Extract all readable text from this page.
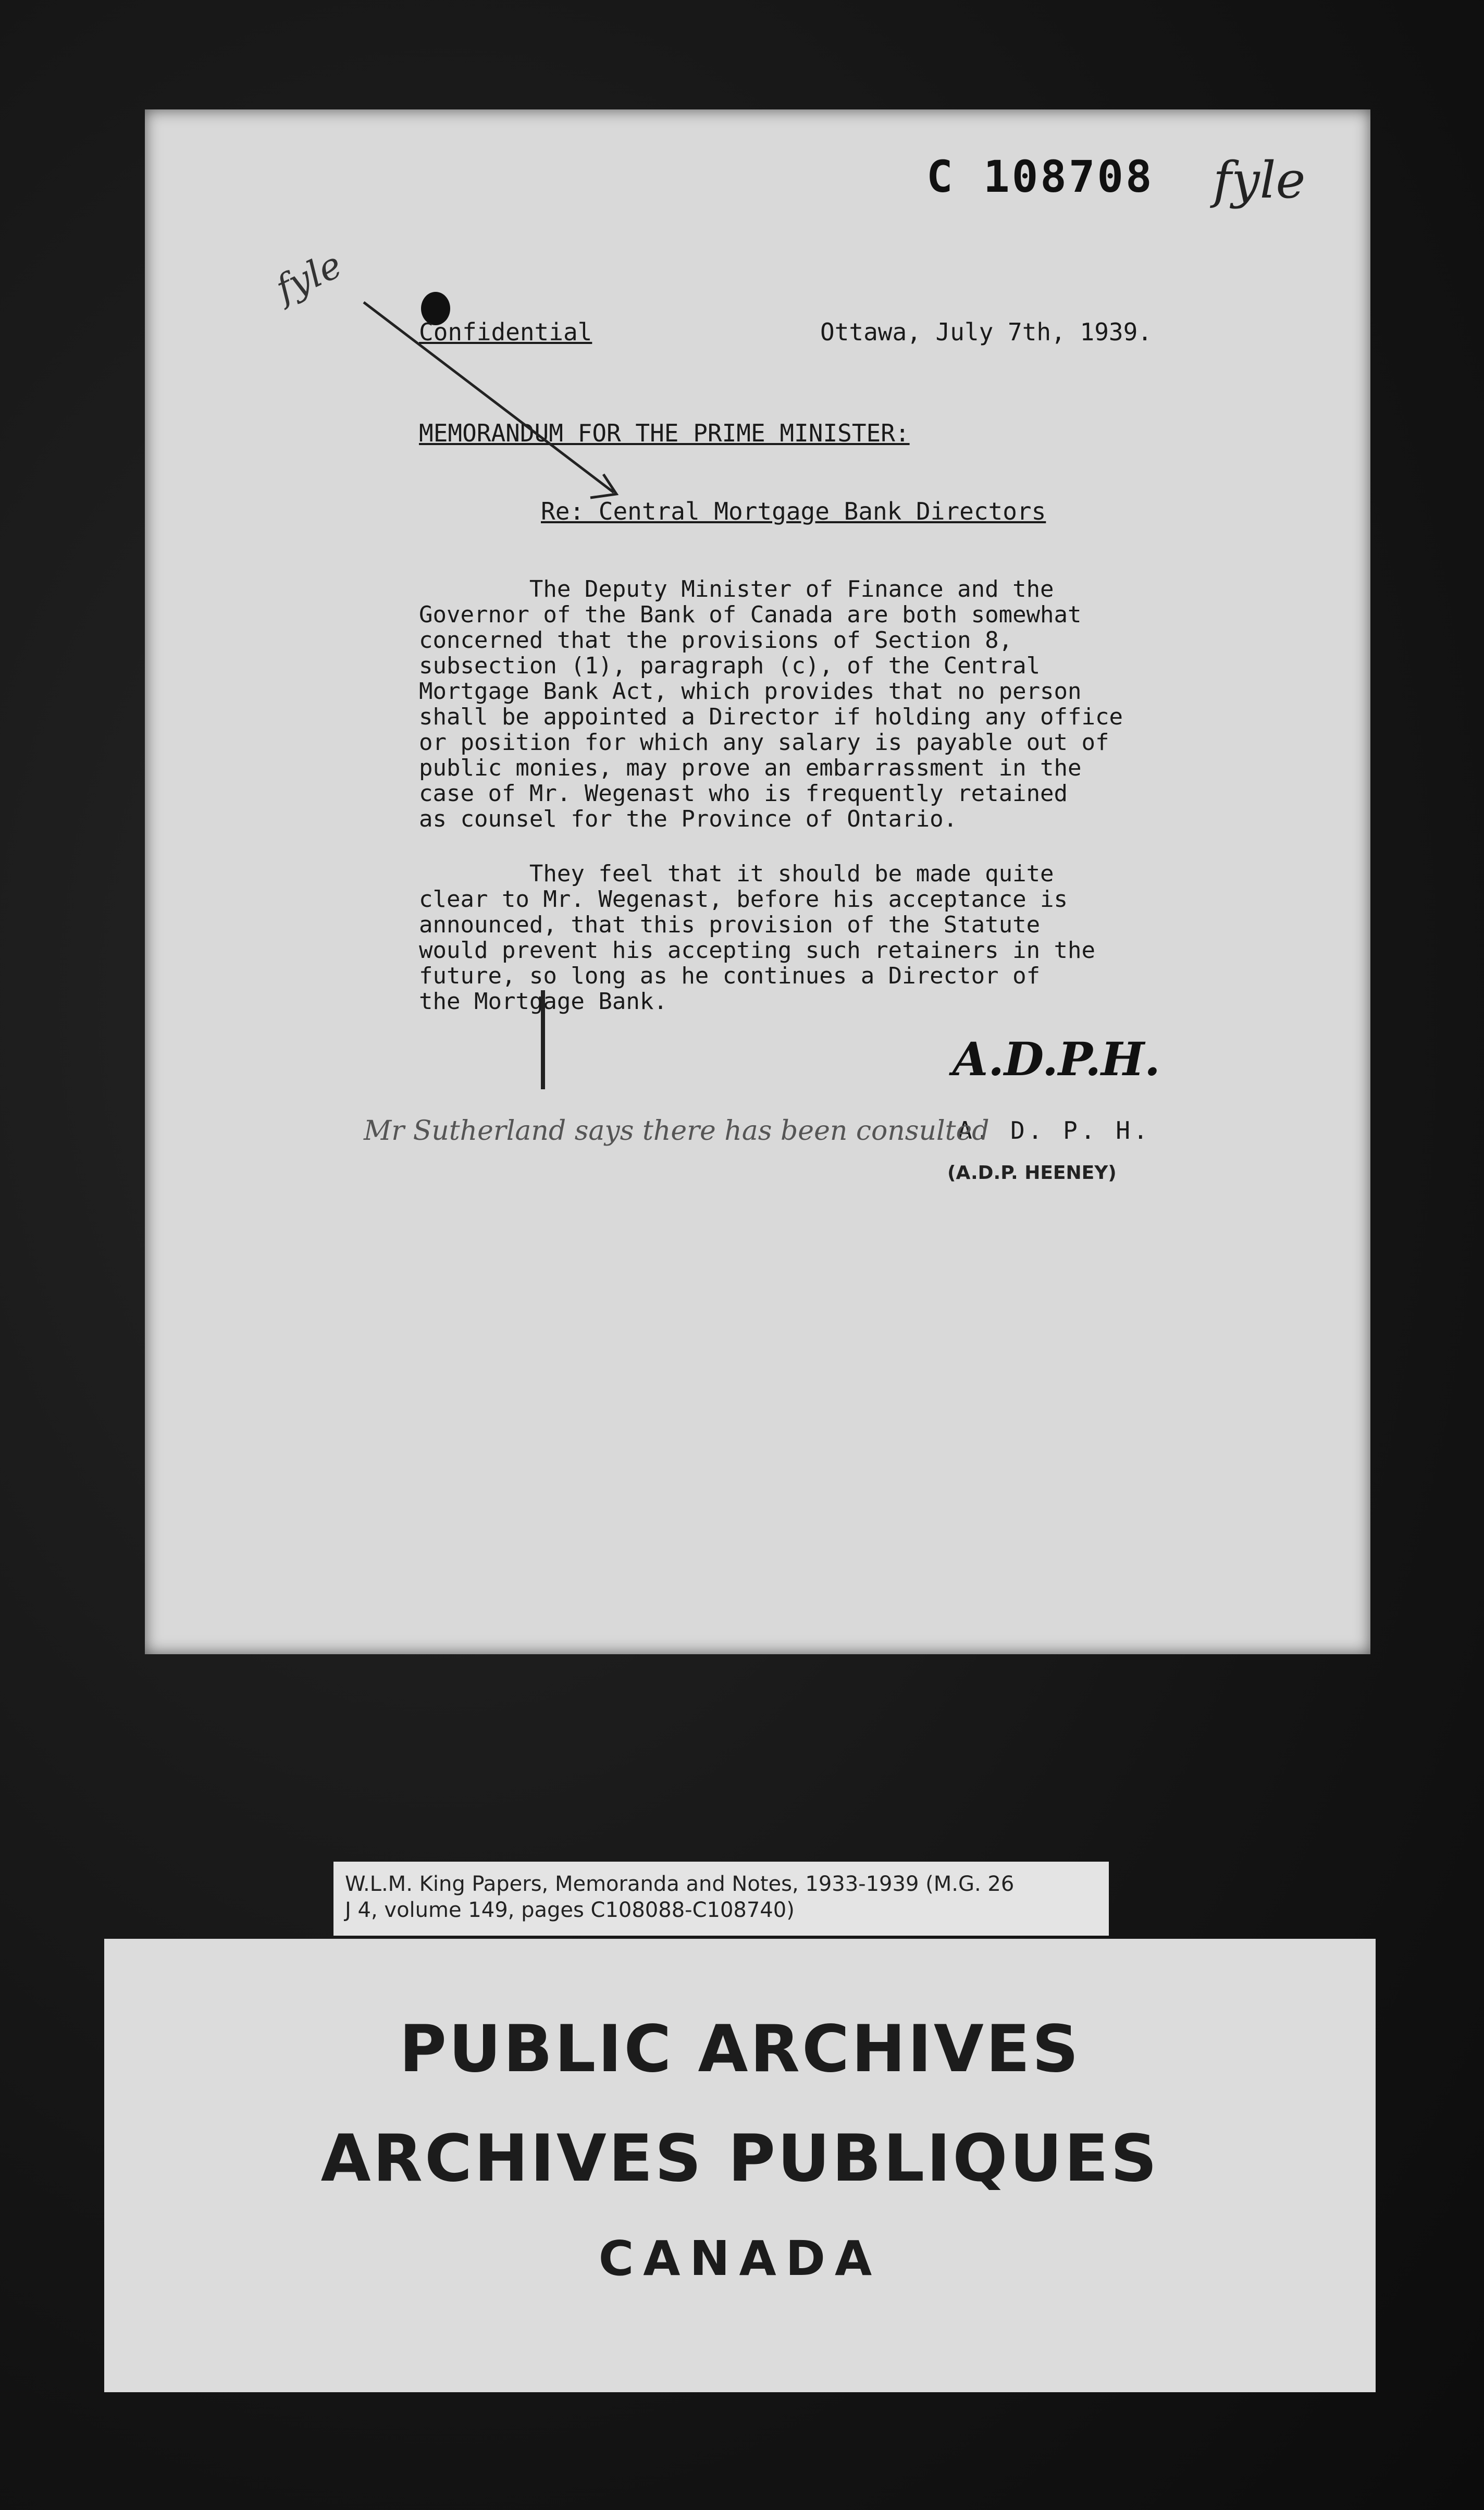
C 108708 fyle
fyle
Confidential	Ottawa, July 7th, 1939.
MEMORANDUM FOR THE PRIME MINISTER:
Re: Central Mortgage Bank Directors
The Deputy Minister of Finance and the
Governor of the Bank of Canada are both somewhat
concerned that the provisions of Section 8,
subsection (1), paragraph (c), of the Central
Mortgage Bank Act, which provides that no person
shall be appointed a Director if holding any office
or position for which any salary is payable out of
public monies, may prove an embarrassment in the
case of Mr. Wegenast who is frequently retained
as counsel for the Province of Ontario.
They feel that it should be made quite
clear to Mr. Wegenast, before his acceptance is
announced, that this provision of the Statute
would prevent his accepting such retainers in the
future, so long as he continues a Director of
the Mortgage Bank.
A.D.P.H.
A. D. P. H.
(A.D.P. HEENEY)
Mr Sutherland says there has been consulted
W.L.M. King Papers, Memoranda and Notes, 1933-1939 (M.G. 26
J 4, volume 149, pages C108088-C108740)
PUBLIC ARCHIVES
ARCHIVES PUBLIQUES
CANADA
